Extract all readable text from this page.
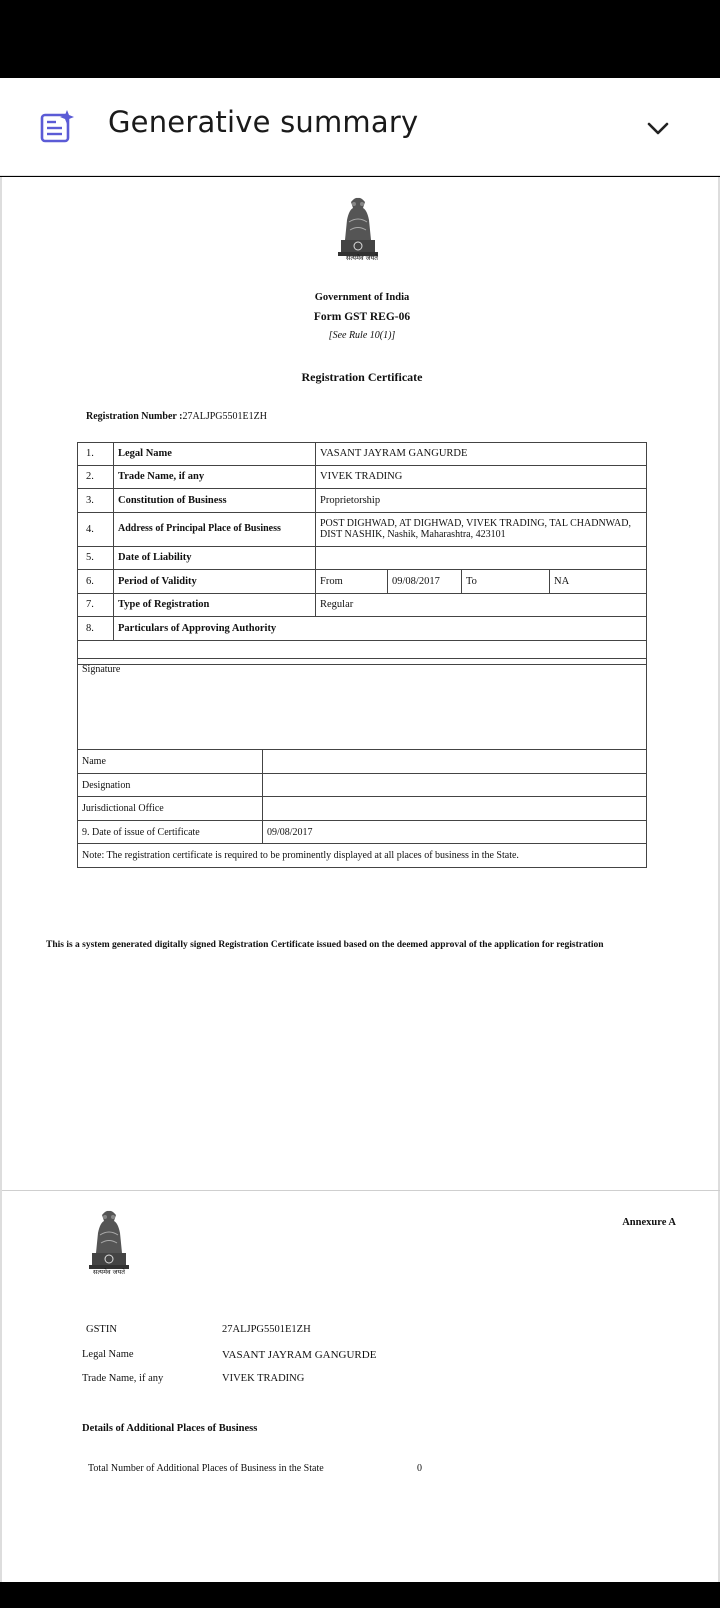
Generative summary
सत्यमेव जयते
Government of India
Form GST REG-06
[See Rule 10(1)]
Registration Certificate
Registration Number :27ALJPG5501E1ZH
1.	Legal Name	VASANT JAYRAM GANGURDE			
2.	Trade Name, if any	VIVEK TRADING			
3.	Constitution of Business	Proprietorship			
4.	Address of Principal Place of Business	POST DIGHWAD, AT DIGHWAD, VIVEK TRADING, TAL CHADNWAD, DIST NASHIK, Nashik, Maharashtra, 423101			
5.	Date of Liability				
6.	Period of Validity	From	09/08/2017	To	NA
7.	Type of Registration	Regular			
8.	Particulars of Approving Authority				

Signature	
Name	
Designation	
Jurisdictional Office	
9. Date of issue of Certificate	09/08/2017
Note: The registration certificate is required to be prominently displayed at all places of business in the State.	
This is a system generated digitally signed Registration Certificate issued based on the deemed approval of the application for registration
सत्यमेव जयते
Annexure A
GSTIN	27ALJPG5501E1ZH
Legal Name	VASANT JAYRAM GANGURDE
Trade Name, if any	VIVEK TRADING
Details of Additional Places of Business
Total Number of Additional Places of Business in the State	0
